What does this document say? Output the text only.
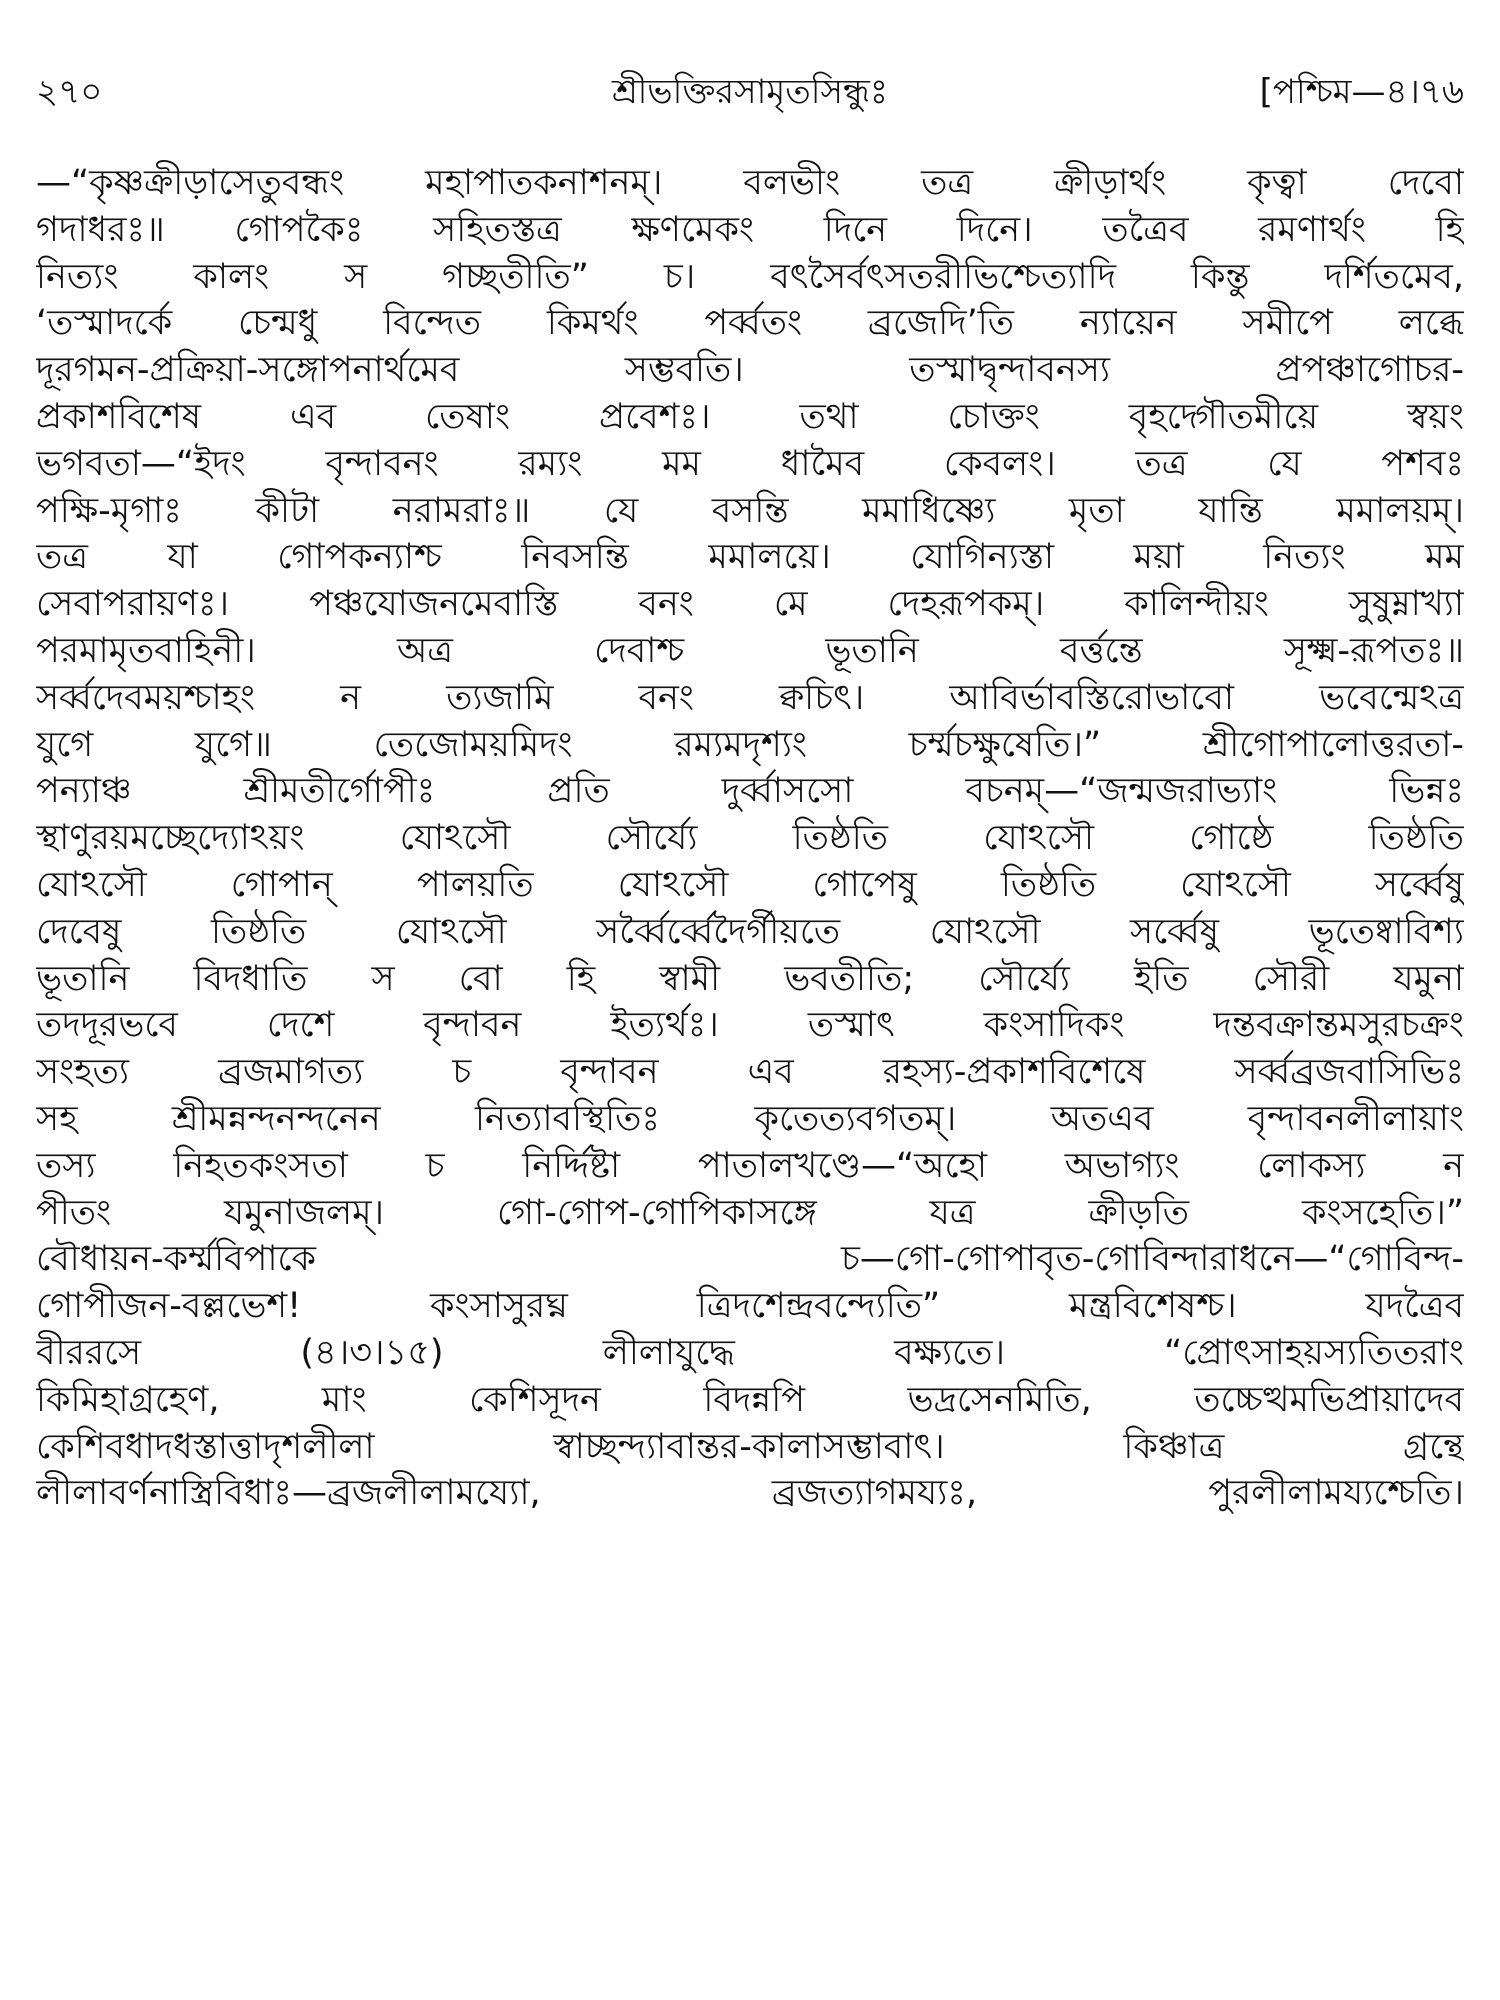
২৭০	শ্রীভক্তিরসামৃতসিন্ধুঃ	[পশ্চিম—৪।৭৬
—“কৃষ্ণক্রীড়াসেতুবন্ধং মহাপাতকনাশনম্। বলভীং তত্র ক্রীড়ার্থং কৃত্বা দেবো
গদাধরঃ॥ গোপকৈঃ সহিতস্তত্র ক্ষণমেকং দিনে দিনে। তত্রৈব রমণার্থং হি
নিত্যং কালং স গচ্ছতীতি” চ। বৎসৈর্বৎসতরীভিশ্চেত্যাদি কিন্তু দর্শিতমেব,
‘তস্মাদর্কে চেন্মধু বিন্দেত কিমর্থং পর্ব্বতং ব্রজেদি’তি ন্যায়েন সমীপে লব্ধে
দূরগমন-প্রক্রিয়া-সঙ্গোপনার্থমেব সম্ভবতি। তস্মাদ্বৃন্দাবনস্য প্রপঞ্চাগোচর-
প্রকাশবিশেষ এব তেষাং প্রবেশঃ। তথা চোক্তং বৃহদ্গৌতমীয়ে স্বয়ং
ভগবতা—“ইদং বৃন্দাবনং রম্যং মম ধামৈব কেবলং। তত্র যে পশবঃ
পক্ষি-মৃগাঃ কীটা নরামরাঃ॥ যে বসন্তি মমাধিষ্ণ্যে মৃতা যান্তি মমালয়ম্।
তত্র যা গোপকন্যাশ্চ নিবসন্তি মমালয়ে। যোগিন্যস্তা ময়া নিত্যং মম
সেবাপরায়ণঃ। পঞ্চযোজনমেবাস্তি বনং মে দেহরূপকম্। কালিন্দীয়ং সুষুম্নাখ্যা
পরমামৃতবাহিনী। অত্র দেবাশ্চ ভূতানি বর্ত্তন্তে সূক্ষ্ম-রূপতঃ॥
সর্ব্বদেবময়শ্চাহং ন ত্যজামি বনং ক্বচিৎ। আবির্ভাবস্তিরোভাবো ভবেন্মেঽত্র
যুগে যুগে॥ তেজোময়মিদং রম্যমদৃশ্যং চর্ম্মচক্ষুষেতি।” শ্রীগোপালোত্তরতা-
পন্যাঞ্চ শ্রীমতীর্গোপীঃ প্রতি দুর্ব্বাসসো বচনম্—“জন্মজরাভ্যাং ভিন্নঃ
স্থাণুরয়মচ্ছেদ্যোঽয়ং যোঽসৌ সৌর্য্যে তিষ্ঠতি যোঽসৌ গোষ্ঠে তিষ্ঠতি
যোঽসৌ গোপান্ পালয়তি যোঽসৌ গোপেষু তিষ্ঠতি যোঽসৌ সর্ব্বেষু
দেবেষু তিষ্ঠতি যোঽসৌ সর্ব্বৈর্ব্বেদৈর্গীয়তে যোঽসৌ সর্ব্বেষু ভূতেষ্বাবিশ্য
ভূতানি বিদধাতি স বো হি স্বামী ভবতীতি; সৌর্য্যে ইতি সৌরী যমুনা
তদদূরভবে দেশে বৃন্দাবন ইত্যর্থঃ। তস্মাৎ কংসাদিকং দন্তবক্রান্তমসুরচক্রং
সংহত্য ব্রজমাগত্য চ বৃন্দাবন এব রহস্য-প্রকাশবিশেষে সর্ব্বব্রজবাসিভিঃ
সহ শ্রীমন্নন্দনন্দনেন নিত্যাবস্থিতিঃ কৃতেত্যবগতম্। অতএব বৃন্দাবনলীলায়াং
তস্য নিহতকংসতা চ নির্দ্দিষ্টা পাতালখণ্ডে—“অহো অভাগ্যং লোকস্য ন
পীতং যমুনাজলম্। গো-গোপ-গোপিকাসঙ্গে যত্র ক্রীড়তি কংসহেতি।”
বৌধায়ন-কর্ম্মবিপাকে চ—গো-গোপাবৃত-গোবিন্দারাধনে—“গোবিন্দ-
গোপীজন-বল্লভেশ! কংসাসুরঘ্ন ত্রিদশেন্দ্রবন্দ্যেতি” মন্ত্রবিশেষশ্চ। যদত্রৈব
বীররসে (৪।৩।১৫) লীলাযুদ্ধে বক্ষ্যতে। “প্রোৎসাহয়স্যতিতরাং
কিমিহাগ্রহেণ, মাং কেশিসূদন বিদন্নপি ভদ্রসেনমিতি, তচ্চেত্থমভিপ্রায়াদেব
কেশিবধাদধস্তাত্তাদৃশলীলা স্বাচ্ছন্দ্যাবান্তর-কালাসম্ভাবাৎ। কিঞ্চাত্র গ্রন্থে
লীলাবর্ণনাস্ত্রিবিধাঃ—ব্রজলীলাময্যো, ব্রজত্যাগময্যঃ, পুরলীলাময্যশ্চেতি।
